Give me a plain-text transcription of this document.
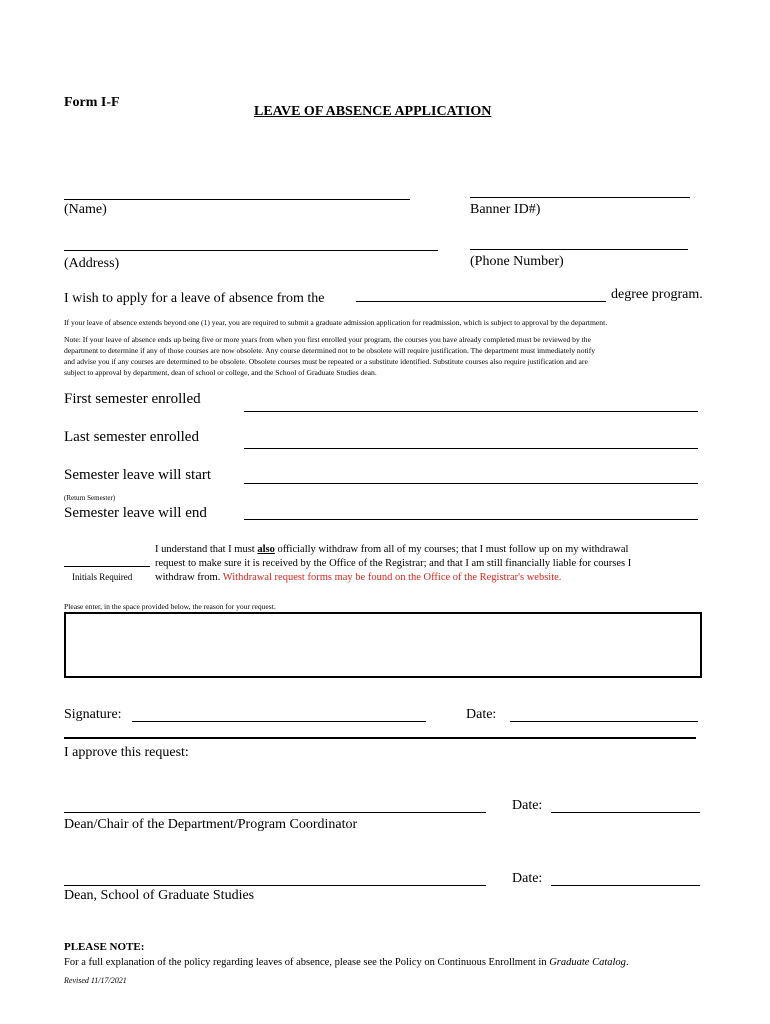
Form I-F
LEAVE OF ABSENCE APPLICATION
(Name)	Banner ID#)
(Address)	(Phone Number)
I wish to apply for a leave of absence from the	degree program.
If your leave of absence extends beyond one (1) year, you are required to submit a graduate admission application for readmission, which is subject to approval by the department.
Note: If your leave of absence ends up being five or more years from when you first enrolled your program, the courses you have already completed must be reviewed by the
department to determine if any of those courses are now obsolete. Any course determined not to be obsolete will require justification. The department must immediately notify
and advise you if any courses are determined to be obsolete. Obsolete courses must be repeated or a substitute identified. Substitute courses also require justification and are
subject to approval by department, dean of school or college, and the School of Graduate Studies dean.
First semester enrolled
Last semester enrolled
Semester leave will start
(Return Semester)
Semester leave will end
Initials Required
I understand that I must also officially withdraw from all of my courses; that I must follow up on my withdrawal
request to make sure it is received by the Office of the Registrar; and that I am still financially liable for courses I
withdraw from. Withdrawal request forms may be found on the Office of the Registrar's website.
Please enter, in the space provided below, the reason for your request.
Signature:	Date:
I approve this request:
Date:
Dean/Chair of the Department/Program Coordinator
Date:
Dean, School of Graduate Studies
PLEASE NOTE:
For a full explanation of the policy regarding leaves of absence, please see the Policy on Continuous Enrollment in Graduate Catalog.
Revised 11/17/2021
